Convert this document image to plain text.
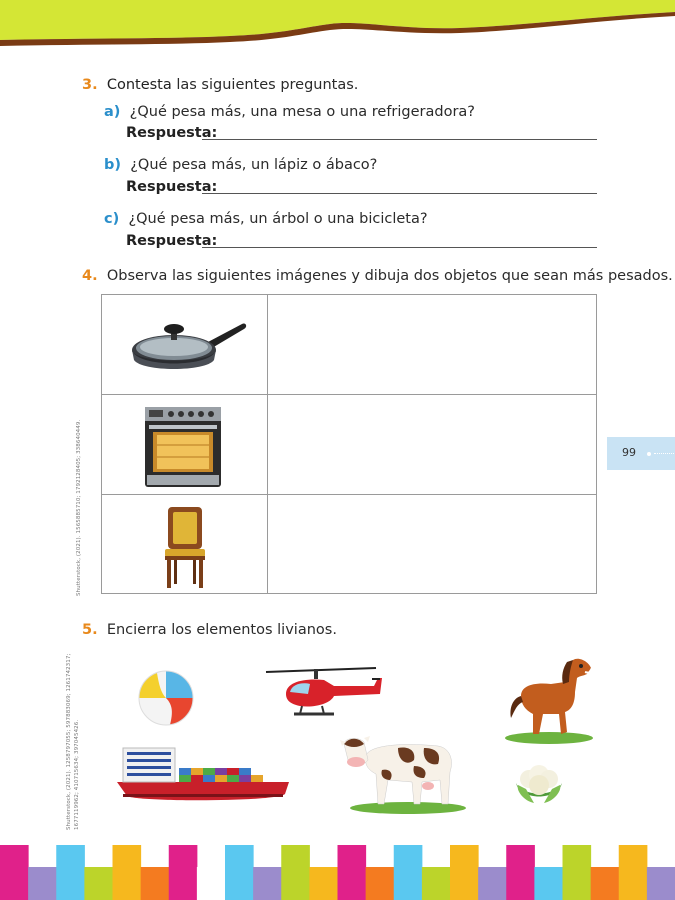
3. Contesta las siguientes preguntas.
a) ¿Qué pesa más, una mesa o una refrigeradora?
Respuesta:
b) ¿Qué pesa más, un lápiz o ábaco?
Respuesta:
c) ¿Qué pesa más, un árbol o una bicicleta?
Respuesta:
4. Observa las siguientes imágenes y dibuja dos objetos que sean más pesados.
99
Shutterstock, (2021). 1565885710; 1792128405; 338640449.
Shutterstock, (2021). 1258797055; 597883069; 1261742317; 1677119962; 410715634; 397045426.
5. Encierra los elementos livianos.
